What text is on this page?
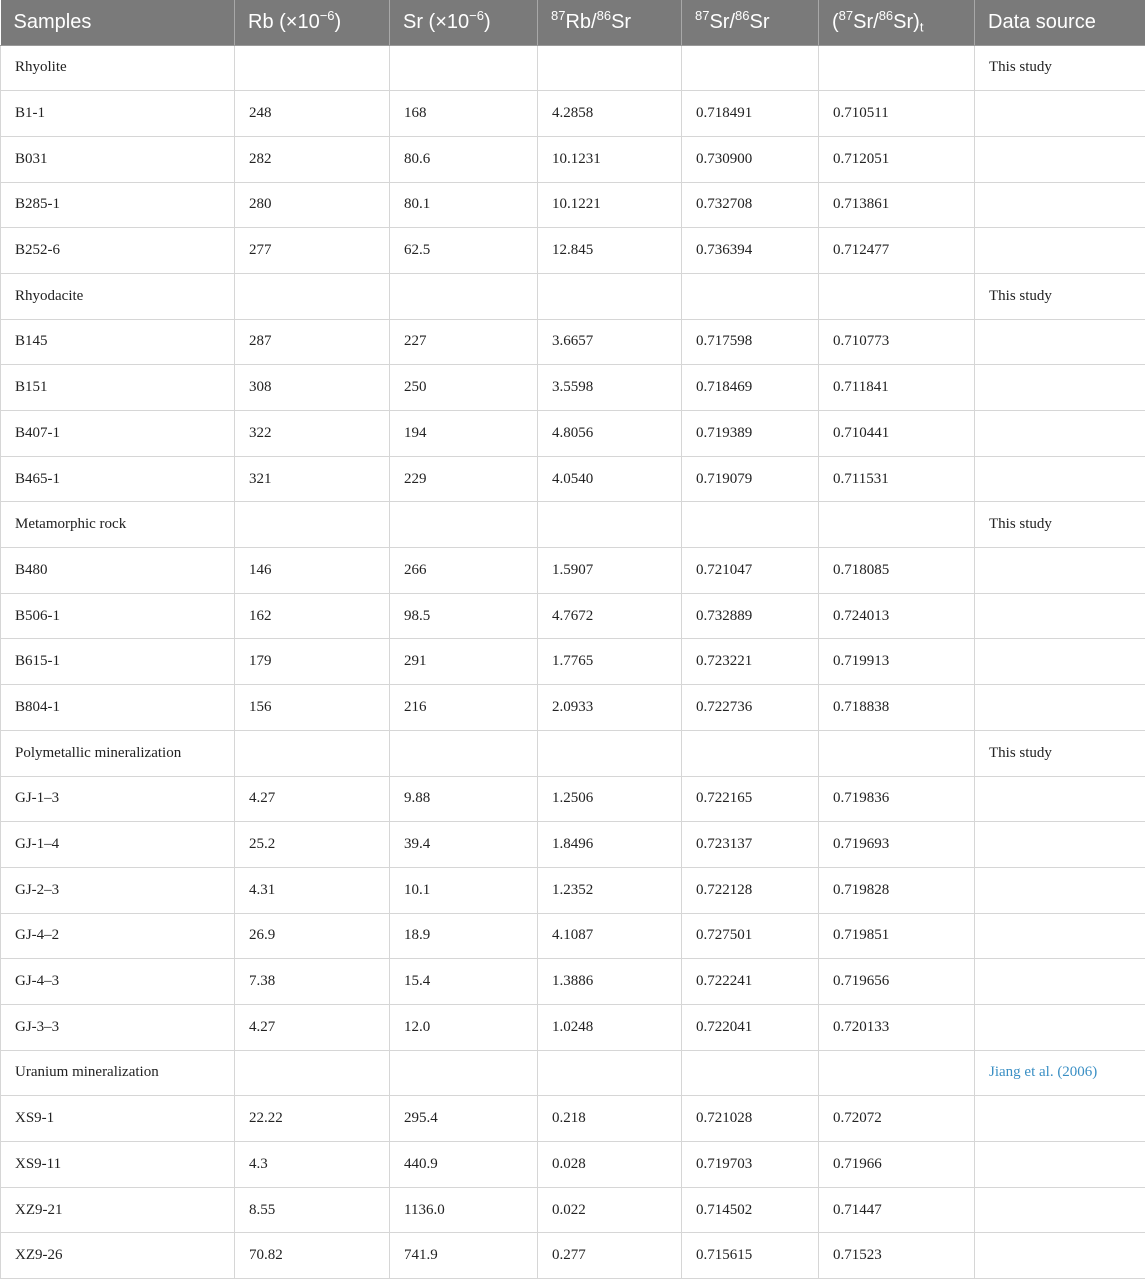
Samples	Rb $(\times 10^{-6})$	Sr $(\times 10^{-6})$	$^{87}$Rb/$^{86}$Sr	$^{87}$Sr/$^{86}$Sr	$(^{87}Sr/^{86}Sr)_t$	Data source
Rhyolite						This study
B1-1	248	168	4.2858	0.718491	0.710511	
B031	282	80.6	10.1231	0.730900	0.712051	
B285-1	280	80.1	10.1221	0.732708	0.713861	
B252-6	277	62.5	12.845	0.736394	0.712477	
Rhyodacite						This study
B145	287	227	3.6657	0.717598	0.710773	
B151	308	250	3.5598	0.718469	0.711841	
B407-1	322	194	4.8056	0.719389	0.710441	
B465-1	321	229	4.0540	0.719079	0.711531	
Metamorphic rock						This study
B480	146	266	1.5907	0.721047	0.718085	
B506-1	162	98.5	4.7672	0.732889	0.724013	
B615-1	179	291	1.7765	0.723221	0.719913	
B804-1	156	216	2.0933	0.722736	0.718838	
Polymetallic mineralization						This study
GJ-1–3	4.27	9.88	1.2506	0.722165	0.719836	
GJ-1–4	25.2	39.4	1.8496	0.723137	0.719693	
GJ-2–3	4.31	10.1	1.2352	0.722128	0.719828	
GJ-4–2	26.9	18.9	4.1087	0.727501	0.719851	
GJ-4–3	7.38	15.4	1.3886	0.722241	0.719656	
GJ-3–3	4.27	12.0	1.0248	0.722041	0.720133	
Uranium mineralization						Jiang et al. (2006)
XS9-1	22.22	295.4	0.218	0.721028	0.72072	
XS9-11	4.3	440.9	0.028	0.719703	0.71966	
XZ9-21	8.55	1136.0	0.022	0.714502	0.71447	
XZ9-26	70.82	741.9	0.277	0.715615	0.71523	
